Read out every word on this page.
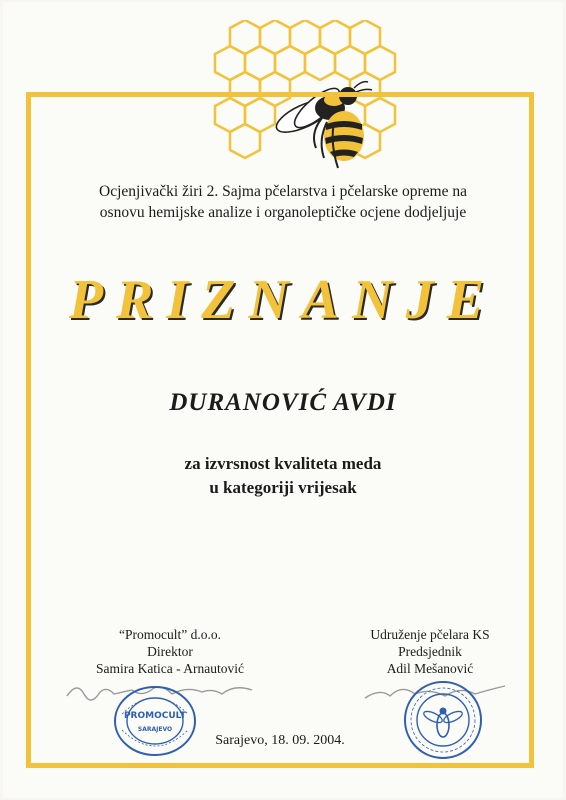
Ocjenjivački žiri 2. Sajma pčelarstva i pčelarske opreme na
osnovu hemijske analize i organoleptičke ocjene dodjeljuje
PRIZNANJE
DURANOVIĆ AVDI
za izvrsnost kvaliteta meda
u kategoriji vrijesak
“Promocult” d.o.o.
Direktor
Samira Katica - Arnautović
Udruženje pčelara KS
Predsjednik
Adil Mešanović
PROMOCULT
SARAJEVO
Sarajevo, 18. 09. 2004.
